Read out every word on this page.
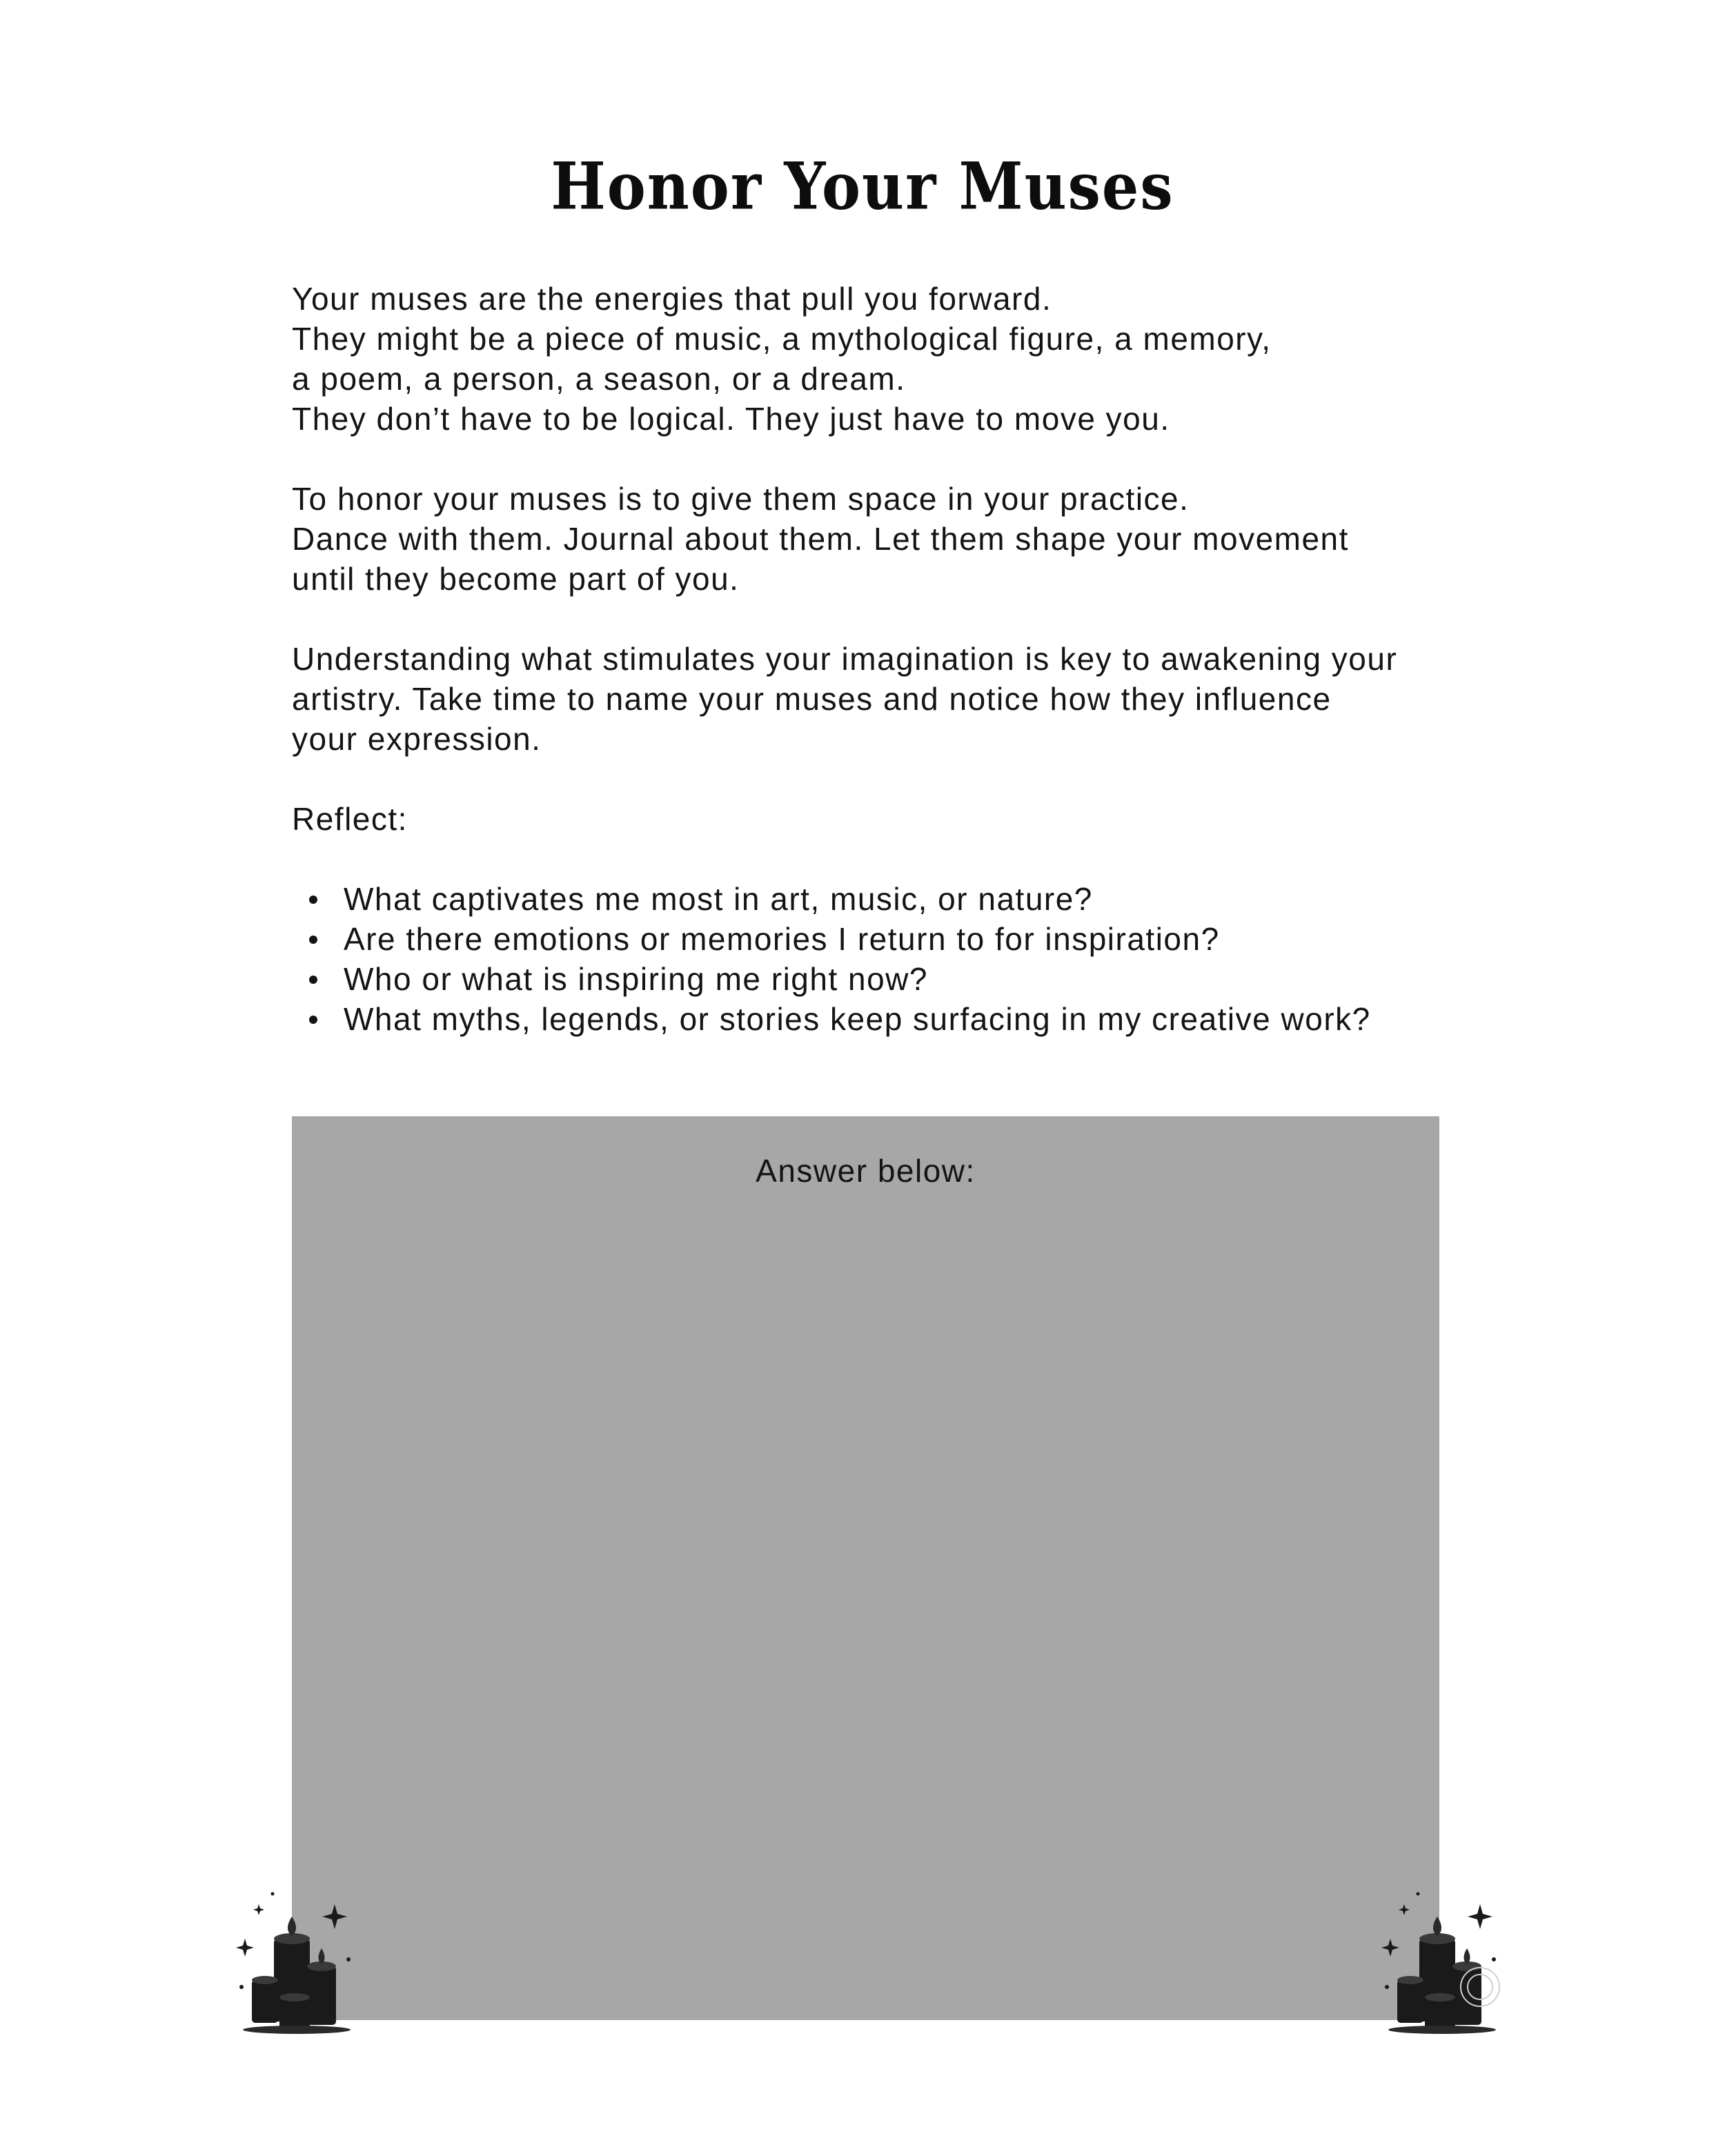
Honor Your Muses
Your muses are the energies that pull you forward.
They might be a piece of music, a mythological figure, a memory,
a poem, a person, a season, or a dream.
They don’t have to be logical. They just have to move you.
To honor your muses is to give them space in your practice.
Dance with them. Journal about them. Let them shape your movement
until they become part of you.
Understanding what stimulates your imagination is key to awakening your
artistry. Take time to name your muses and notice how they influence
your expression.
Reflect:
What captivates me most in art, music, or nature?
Are there emotions or memories I return to for inspiration?
Who or what is inspiring me right now?
What myths, legends, or stories keep surfacing in my creative work?
Answer below:
